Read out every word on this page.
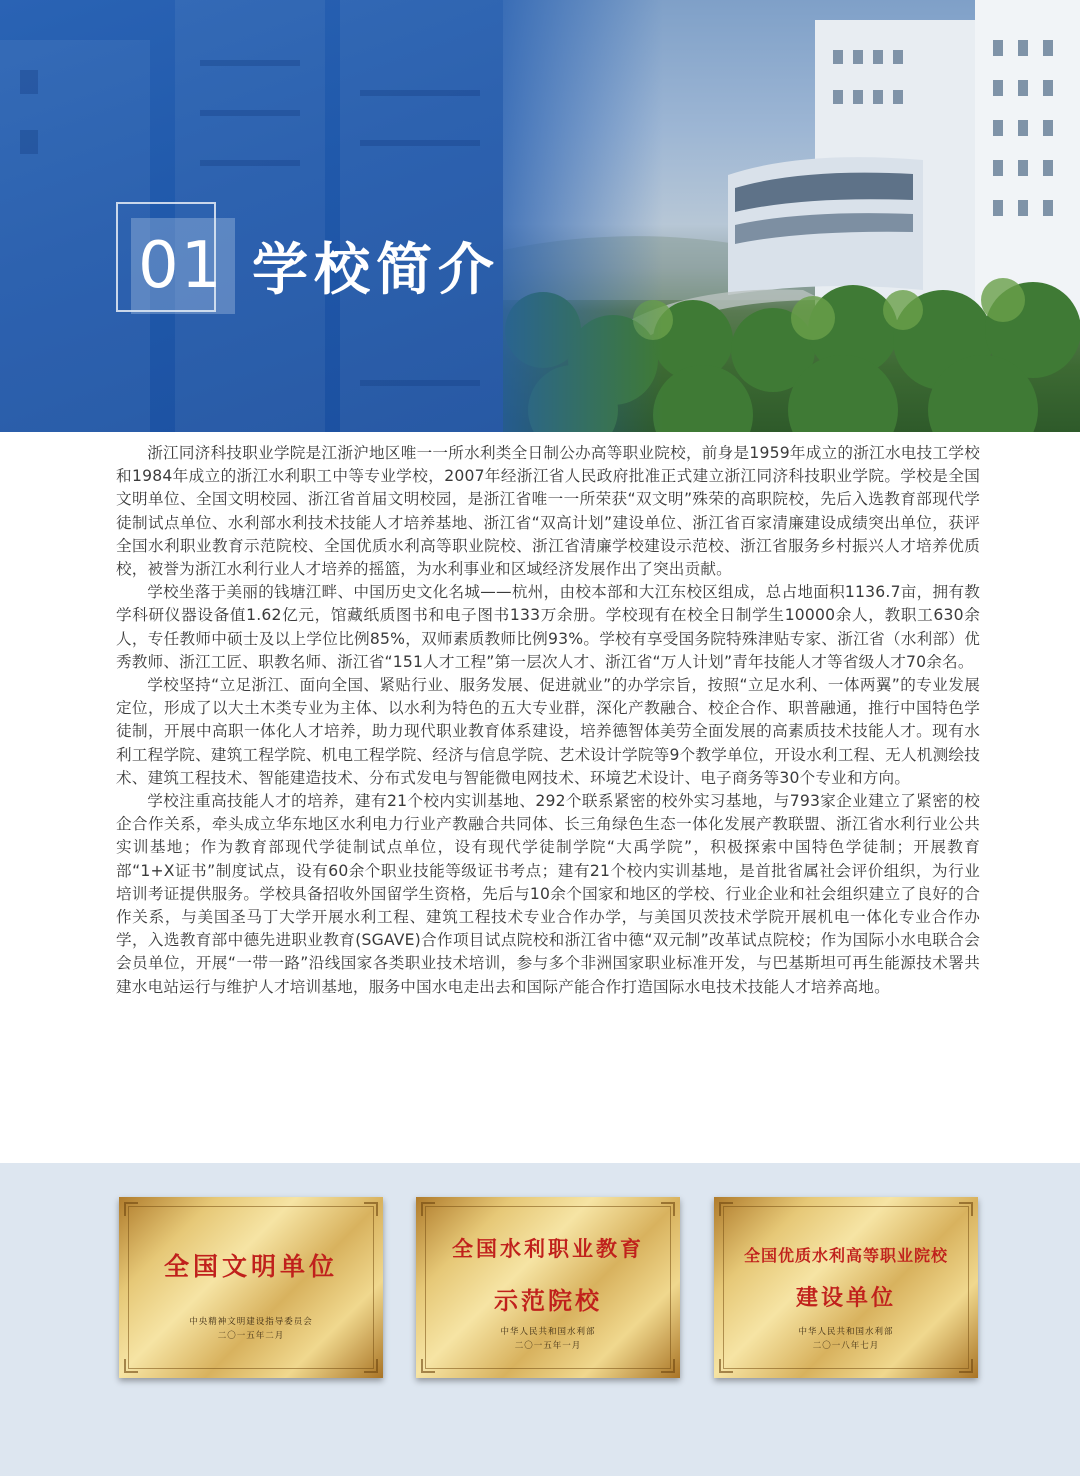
01 学校简介

浙江同济科技职业学院是江浙沪地区唯一一所水利类全日制公办高等职业院校，前身是1959年成立的浙江水电技工学校和1984年成立的浙江水利职工中等专业学校，2007年经浙江省人民政府批准正式建立浙江同济科技职业学院。学校是全国文明单位、全国文明校园、浙江省首届文明校园，是浙江省唯一一所荣获“双文明”殊荣的高职院校，先后入选教育部现代学徒制试点单位、水利部水利技术技能人才培养基地、浙江省“双高计划”建设单位、浙江省百家清廉建设成绩突出单位，获评全国水利职业教育示范院校、全国优质水利高等职业院校、浙江省清廉学校建设示范校、浙江省服务乡村振兴人才培养优质校，被誉为浙江水利行业人才培养的摇篮，为水利事业和区域经济发展作出了突出贡献。

学校坐落于美丽的钱塘江畔、中国历史文化名城——杭州，由校本部和大江东校区组成，总占地面积1136.7亩，拥有教学科研仪器设备值1.62亿元，馆藏纸质图书和电子图书133万余册。学校现有在校全日制学生10000余人，教职工630余人，专任教师中硕士及以上学位比例85%，双师素质教师比例93%。学校有享受国务院特殊津贴专家、浙江省（水利部）优秀教师、浙江工匠、职教名师、浙江省“151人才工程”第一层次人才、浙江省“万人计划”青年技能人才等省级人才70余名。

学校坚持“立足浙江、面向全国、紧贴行业、服务发展、促进就业”的办学宗旨，按照“立足水利、一体两翼”的专业发展定位，形成了以大土木类专业为主体、以水利为特色的五大专业群，深化产教融合、校企合作、职普融通，推行中国特色学徒制，开展中高职一体化人才培养，助力现代职业教育体系建设，培养德智体美劳全面发展的高素质技术技能人才。现有水利工程学院、建筑工程学院、机电工程学院、经济与信息学院、艺术设计学院等9个教学单位，开设水利工程、无人机测绘技术、建筑工程技术、智能建造技术、分布式发电与智能微电网技术、环境艺术设计、电子商务等30个专业和方向。

学校注重高技能人才的培养，建有21个校内实训基地、292个联系紧密的校外实习基地，与793家企业建立了紧密的校企合作关系，牵头成立华东地区水利电力行业产教融合共同体、长三角绿色生态一体化发展产教联盟、浙江省水利行业公共实训基地；作为教育部现代学徒制试点单位，设有现代学徒制学院“大禹学院”，积极探索中国特色学徒制；开展教育部“1+X证书”制度试点，设有60余个职业技能等级证书考点；建有21个校内实训基地，是首批省属社会评价组织，为行业培训考证提供服务。学校具备招收外国留学生资格，先后与10余个国家和地区的学校、行业企业和社会组织建立了良好的合作关系，与美国圣马丁大学开展水利工程、建筑工程技术专业合作办学，与美国贝茨技术学院开展机电一体化专业合作办学，入选教育部中德先进职业教育(SGAVE)合作项目试点院校和浙江省中德“双元制”改革试点院校；作为国际小水电联合会会员单位，开展“一带一路”沿线国家各类职业技术培训，参与多个非洲国家职业标准开发，与巴基斯坦可再生能源技术署共建水电站运行与维护人才培训基地，服务中国水电走出去和国际产能合作打造国际水电技术技能人才培养高地。

全国文明单位
中央精神文明建设指导委员会
二〇一五年二月
全国水利职业教育
示范院校
中华人民共和国水利部
二〇一五年一月
全国优质水利高等职业院校
建设单位
中华人民共和国水利部
二〇一八年七月
